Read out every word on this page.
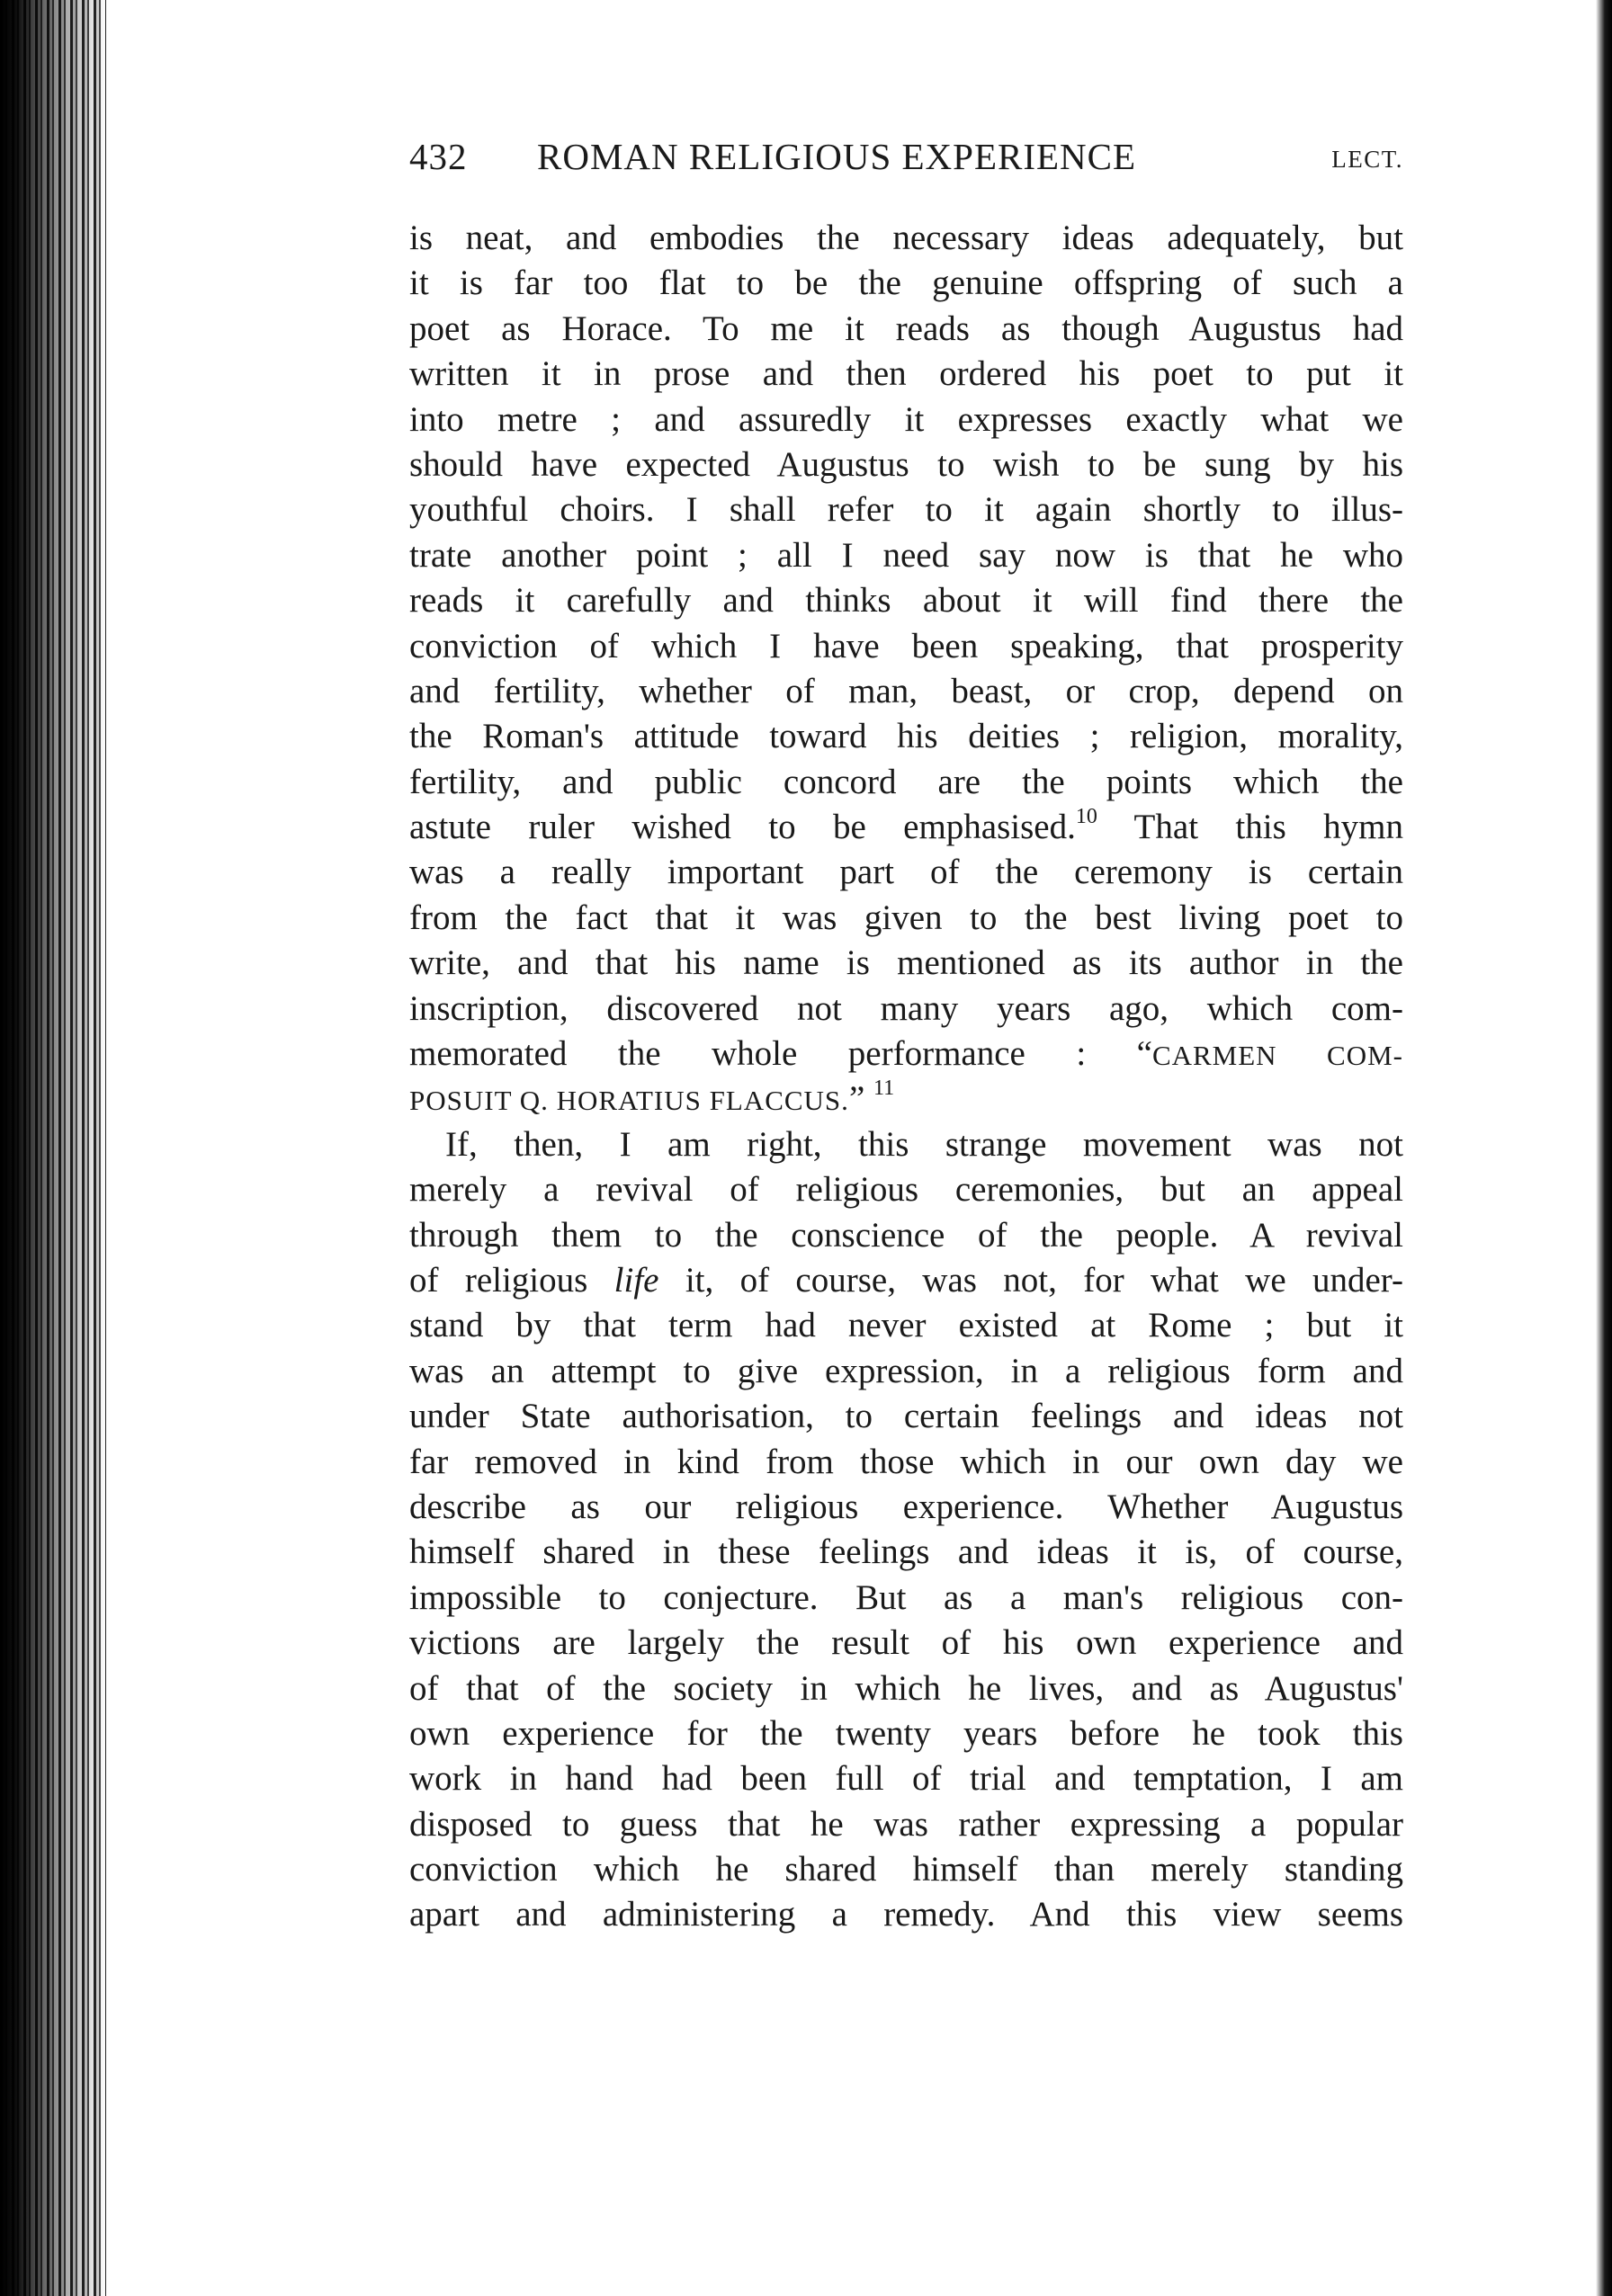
432 ROMAN RELIGIOUS EXPERIENCE	LECT.
is neat, and embodies the necessary ideas adequately, but
it is far too flat to be the genuine offspring of such a
poet as Horace. To me it reads as though Augustus had
written it in prose and then ordered his poet to put it
into metre ; and assuredly it expresses exactly what we
should have expected Augustus to wish to be sung by his
youthful choirs. I shall refer to it again shortly to illus-
trate another point ; all I need say now is that he who
reads it carefully and thinks about it will find there the
conviction of which I have been speaking, that prosperity
and fertility, whether of man, beast, or crop, depend on
the Roman's attitude toward his deities ; religion, morality,
fertility, and public concord are the points which the
astute ruler wished to be emphasised.$^{10}$ That this hymn
was a really important part of the ceremony is certain
from the fact that it was given to the best living poet to
write, and that his name is mentioned as its author in the
inscription, discovered not many years ago, which com-
memorated the whole performance : “CARMEN COM-
POSUIT Q. HORATIUS FLACCUS.” $^{11}$
If, then, I am right, this strange movement was not
merely a revival of religious ceremonies, but an appeal
through them to the conscience of the people. A revival
of religious life it, of course, was not, for what we under-
stand by that term had never existed at Rome ; but it
was an attempt to give expression, in a religious form and
under State authorisation, to certain feelings and ideas not
far removed in kind from those which in our own day we
describe as our religious experience. Whether Augustus
himself shared in these feelings and ideas it is, of course,
impossible to conjecture. But as a man's religious con-
victions are largely the result of his own experience and
of that of the society in which he lives, and as Augustus'
own experience for the twenty years before he took this
work in hand had been full of trial and temptation, I am
disposed to guess that he was rather expressing a popular
conviction which he shared himself than merely standing
apart and administering a remedy. And this view seems
